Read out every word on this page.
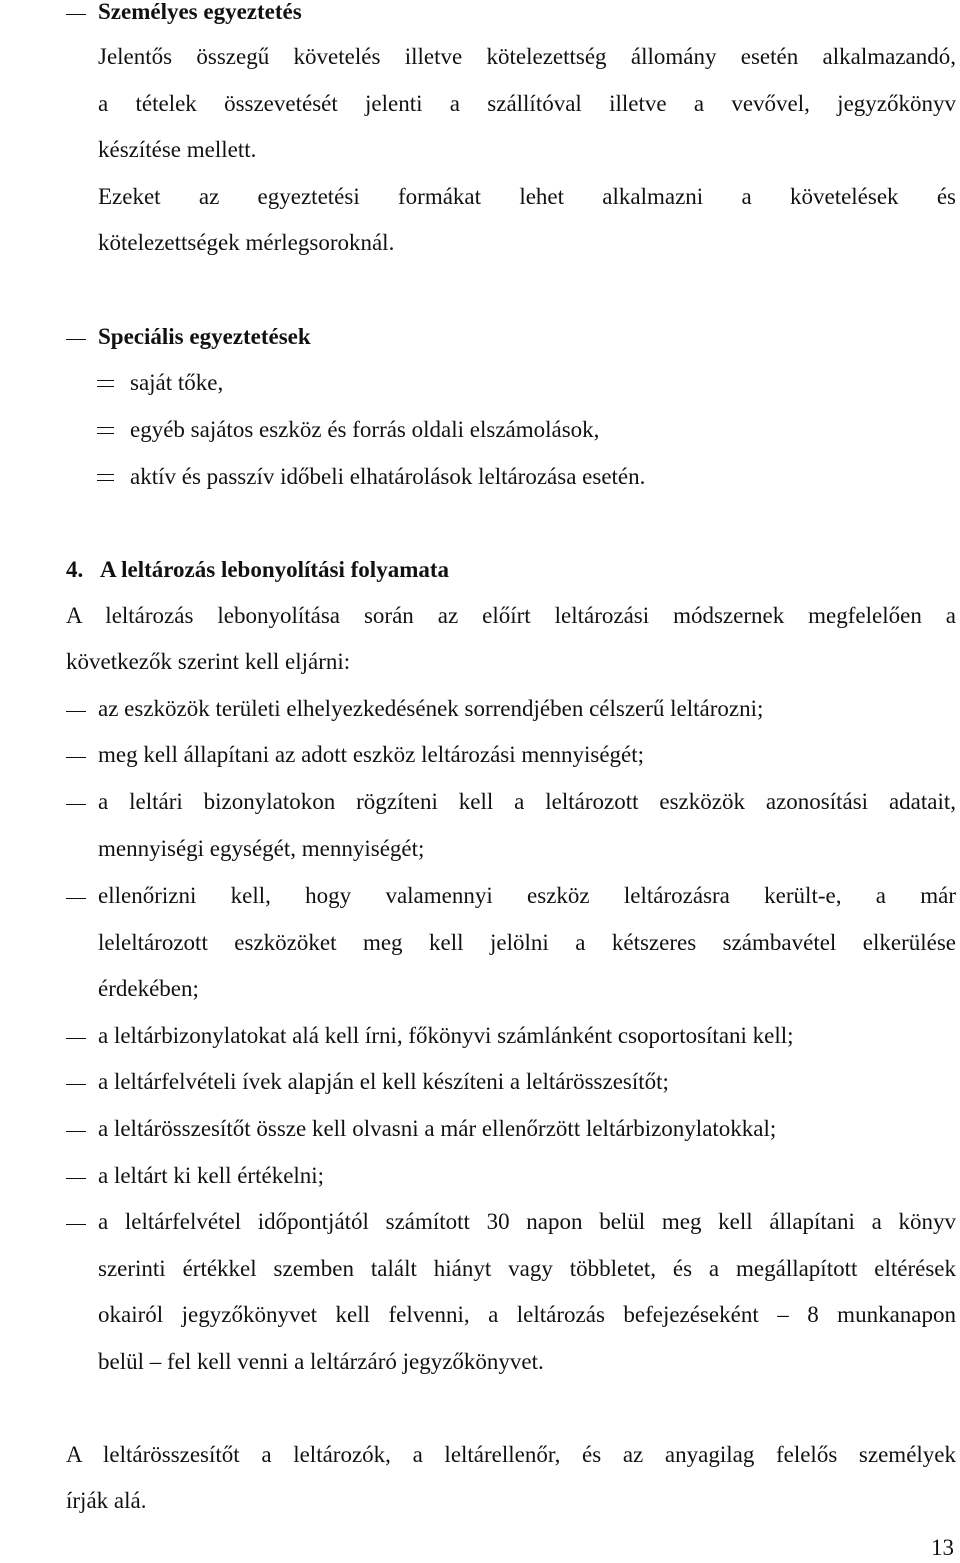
Személyes egyeztetés
Jelentős összegű követelés illetve kötelezettség állomány esetén alkalmazandó,
a tételek összevetését jelenti a szállítóval illetve a vevővel, jegyzőkönyv
készítése mellett.
Ezeket az egyeztetési formákat lehet alkalmazni a követelések és
kötelezettségek mérlegsoroknál.
Speciális egyeztetések
saját tőke,
egyéb sajátos eszköz és forrás oldali elszámolások,
aktív és passzív időbeli elhatárolások leltározása esetén.
4. A leltározás lebonyolítási folyamata
A leltározás lebonyolítása során az előírt leltározási módszernek megfelelően a
következők szerint kell eljárni:
az eszközök területi elhelyezkedésének sorrendjében célszerű leltározni;
meg kell állapítani az adott eszköz leltározási mennyiségét;
a leltári bizonylatokon rögzíteni kell a leltározott eszközök azonosítási adatait,
mennyiségi egységét, mennyiségét;
ellenőrizni kell, hogy valamennyi eszköz leltározásra került-e, a már
leleltározott eszközöket meg kell jelölni a kétszeres számbavétel elkerülése
érdekében;
a leltárbizonylatokat alá kell írni, főkönyvi számlánként csoportosítani kell;
a leltárfelvételi ívek alapján el kell készíteni a leltárösszesítőt;
a leltárösszesítőt össze kell olvasni a már ellenőrzött leltárbizonylatokkal;
a leltárt ki kell értékelni;
a leltárfelvétel időpontjától számított 30 napon belül meg kell állapítani a könyv
szerinti értékkel szemben talált hiányt vagy többletet, és a megállapított eltérések
okairól jegyzőkönyvet kell felvenni, a leltározás befejezéseként – 8 munkanapon
belül – fel kell venni a leltárzáró jegyzőkönyvet.
A leltárösszesítőt a leltározók, a leltárellenőr, és az anyagilag felelős személyek
írják alá.
13
